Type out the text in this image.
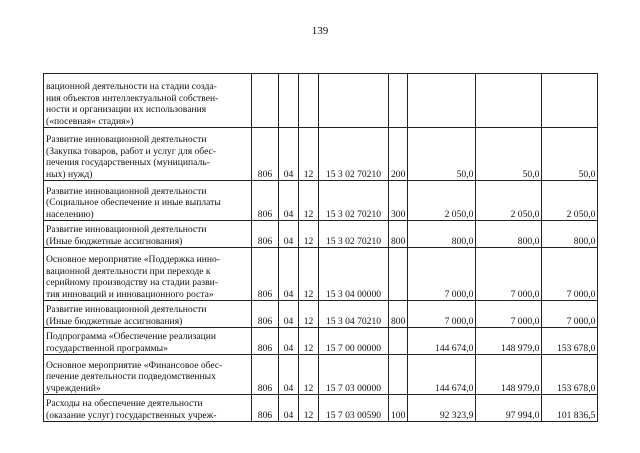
139
вационной деятельности на стадии созда-
ния объектов интеллектуальной собствен-
ности и организации их использования
(«посевная« стадия»)								
Развитие инновационной деятельности
(Закупка товаров, работ и услуг для обес-
печения государственных (муниципаль-
ных) нужд)	806	04	12	15 3 02 70210	200	50,0	50,0	50,0
Развитие инновационной деятельности
(Социальное обеспечение и иные выплаты
населению)	806	04	12	15 3 02 70210	300	2 050,0	2 050,0	2 050,0
Развитие инновационной деятельности
(Иные бюджетные ассигнования)	806	04	12	15 3 02 70210	800	800,0	800,0	800,0
Основное мероприятие «Поддержка инно-
вационной деятельности при переходе к
серийному производству на стадии разви-
тия инноваций и инновационного роста»	806	04	12	15 3 04 00000		7 000,0	7 000,0	7 000,0
Развитие инновационной деятельности
(Иные бюджетные ассигнования)	806	04	12	15 3 04 70210	800	7 000,0	7 000,0	7 000,0
Подпрограмма «Обеспечение реализации
государственной программы»	806	04	12	15 7 00 00000		144 674,0	148 979,0	153 678,0
Основное мероприятие «Финансовое обес-
печение деятельности подведомственных
учреждений»	806	04	12	15 7 03 00000		144 674,0	148 979,0	153 678,0
Расходы на обеспечение деятельности
(оказание услуг) государственных учреж-	806	04	12	15 7 03 00590	100	92 323,9	97 994,0	101 836,5
